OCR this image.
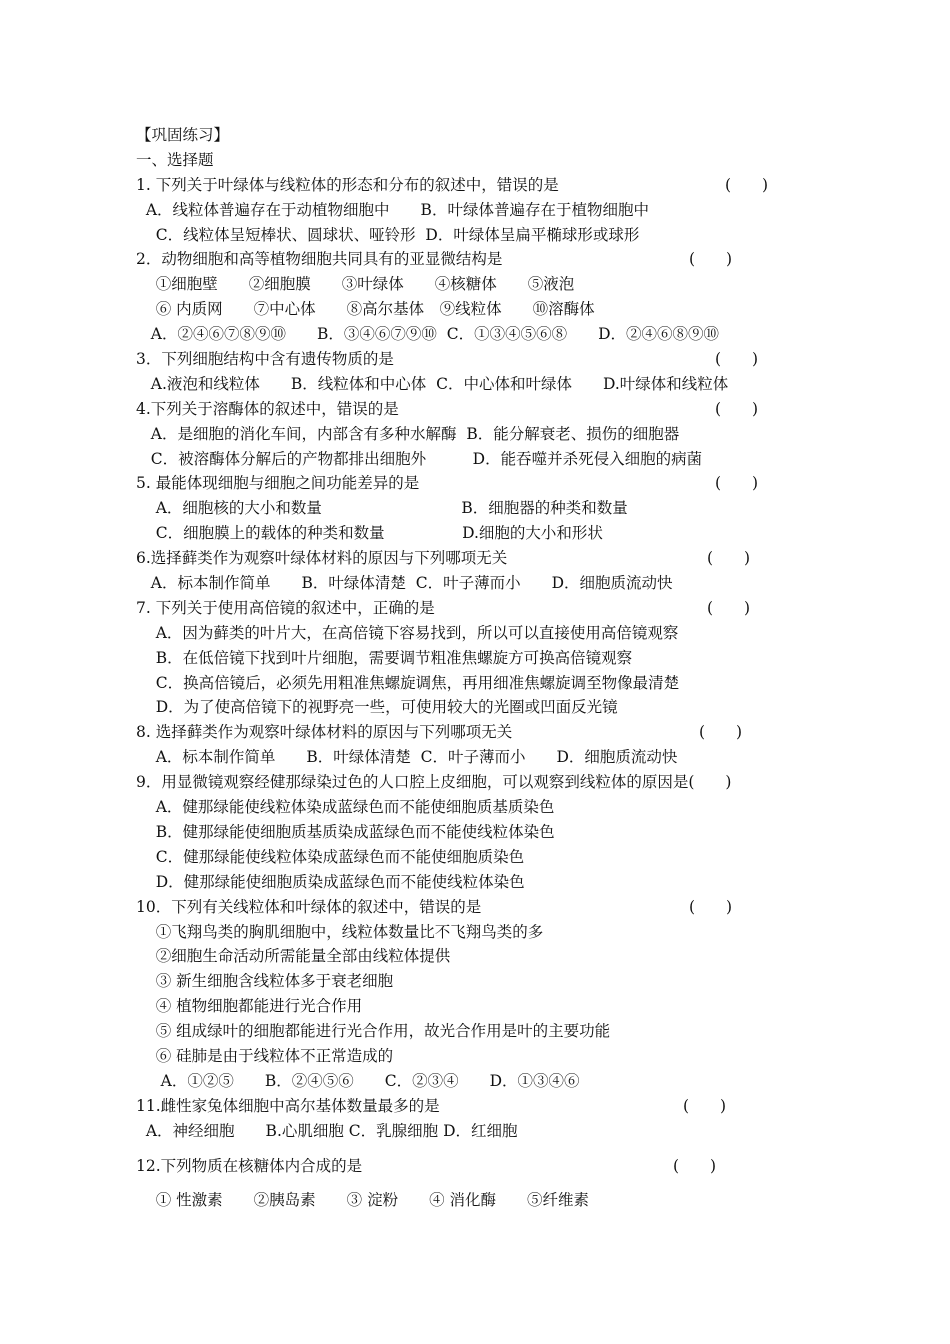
【巩固练习】
一、选择题
1. 下列关于叶绿体与线粒体的形态和分布的叙述中，错误的是	(　　)
A．线粒体普遍存在于动植物细胞中　　B．叶绿体普遍存在于植物细胞中
C．线粒体呈短棒状、圆球状、哑铃形  D．叶绿体呈扁平椭球形或球形
2．动物细胞和高等植物细胞共同具有的亚显微结构是	(　　)
①细胞壁　　②细胞膜　　③叶绿体　　④核糖体　　⑤液泡
⑥ 内质网　　⑦中心体　　⑧高尔基体　⑨线粒体　　⑩溶酶体
A．②④⑥⑦⑧⑨⑩　　B．③④⑥⑦⑨⑩  C．①③④⑤⑥⑧　　D．②④⑥⑧⑨⑩
3．下列细胞结构中含有遗传物质的是	(　　)
A.液泡和线粒体　　B．线粒体和中心体  C．中心体和叶绿体　　D.叶绿体和线粒体
4.下列关于溶酶体的叙述中，错误的是	(　　)
A．是细胞的消化车间，内部含有多种水解酶  B．能分解衰老、损伤的细胞器
C．被溶酶体分解后的产物都排出细胞外　　　D．能吞噬并杀死侵入细胞的病菌
5. 最能体现细胞与细胞之间功能差异的是	(　　)
A．细胞核的大小和数量　　　　　　　　　B．细胞器的种类和数量
C．细胞膜上的载体的种类和数量　　　　　D.细胞的大小和形状
6.选择藓类作为观察叶绿体材料的原因与下列哪项无关	(　　)
A．标本制作简单　　B．叶绿体清楚  C．叶子薄而小　　D．细胞质流动快
7. 下列关于使用高倍镜的叙述中，正确的是	(　　)
A．因为藓类的叶片大，在高倍镜下容易找到，所以可以直接使用高倍镜观察
B．在低倍镜下找到叶片细胞，需要调节粗准焦螺旋方可换高倍镜观察
C．换高倍镜后，必须先用粗准焦螺旋调焦，再用细准焦螺旋调至物像最清楚
D．为了使高倍镜下的视野亮一些，可使用较大的光圈或凹面反光镜
8. 选择藓类作为观察叶绿体材料的原因与下列哪项无关	(　　)
A．标本制作简单　　B．叶绿体清楚  C．叶子薄而小　　D．细胞质流动快
9．用显微镜观察经健那绿染过色的人口腔上皮细胞，可以观察到线粒体的原因是(　　)
A．健那绿能使线粒体染成蓝绿色而不能使细胞质基质染色
B．健那绿能使细胞质基质染成蓝绿色而不能使线粒体染色
C．健那绿能使线粒体染成蓝绿色而不能使细胞质染色
D．健那绿能使细胞质染成蓝绿色而不能使线粒体染色
10．下列有关线粒体和叶绿体的叙述中，错误的是	(　　)
①飞翔鸟类的胸肌细胞中，线粒体数量比不飞翔鸟类的多
②细胞生命活动所需能量全部由线粒体提供
③ 新生细胞含线粒体多于衰老细胞
④ 植物细胞都能进行光合作用
⑤ 组成绿叶的细胞都能进行光合作用，故光合作用是叶的主要功能
⑥ 硅肺是由于线粒体不正常造成的
A．①②⑤　　B．②④⑤⑥　　C．②③④　　D．①③④⑥
11.雌性家兔体细胞中高尔基体数量最多的是	(　　)
A．神经细胞　　B.心肌细胞 C．乳腺细胞 D．红细胞
12.下列物质在核糖体内合成的是	(　　)
① 性激素　　②胰岛素　　③ 淀粉　　④ 消化酶　　⑤纤维素
